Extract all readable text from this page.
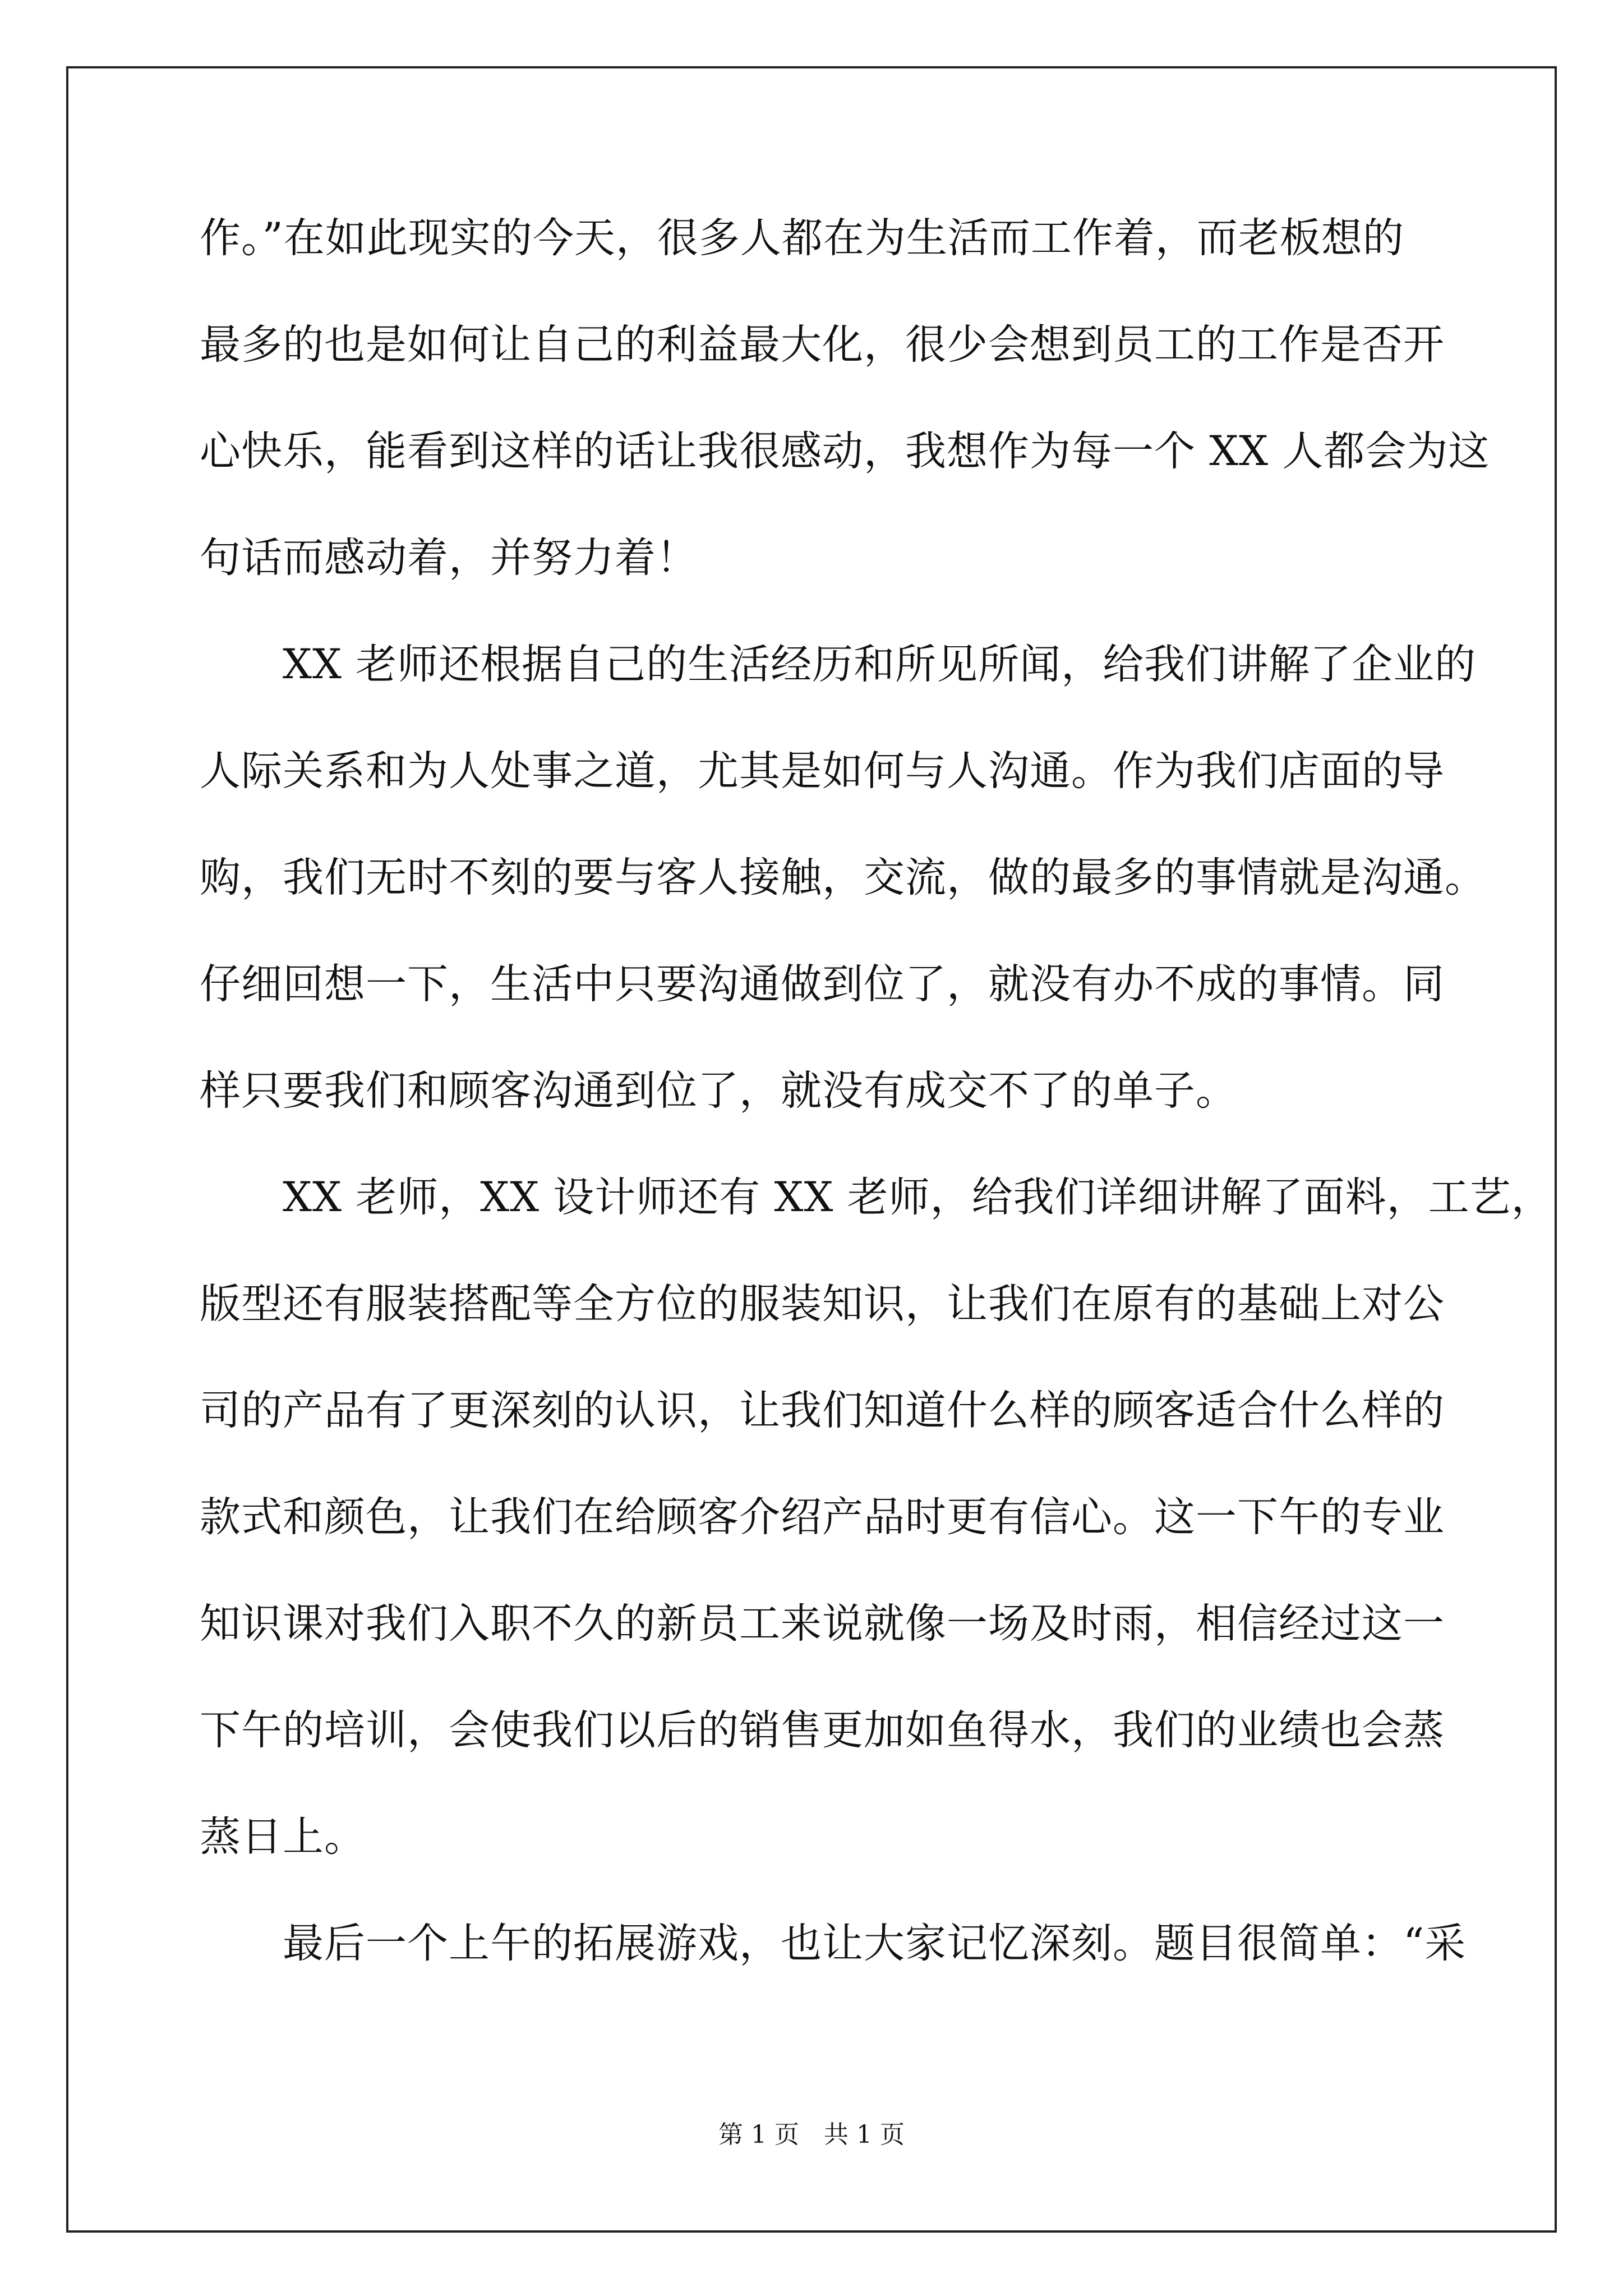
作。”在如此现实的今天，很多人都在为生活而工作着，而老板想的
最多的也是如何让自己的利益最大化，很少会想到员工的工作是否开
心快乐，能看到这样的话让我很感动，我想作为每一个 XX 人都会为这
句话而感动着，并努力着！
　　XX 老师还根据自己的生活经历和所见所闻，给我们讲解了企业的
人际关系和为人处事之道，尤其是如何与人沟通。作为我们店面的导
购，我们无时不刻的要与客人接触，交流，做的最多的事情就是沟通。
仔细回想一下，生活中只要沟通做到位了，就没有办不成的事情。同
样只要我们和顾客沟通到位了，就没有成交不了的单子。
　　XX 老师，XX 设计师还有 XX 老师，给我们详细讲解了面料，工艺，
版型还有服装搭配等全方位的服装知识，让我们在原有的基础上对公
司的产品有了更深刻的认识，让我们知道什么样的顾客适合什么样的
款式和颜色，让我们在给顾客介绍产品时更有信心。这一下午的专业
知识课对我们入职不久的新员工来说就像一场及时雨，相信经过这一
下午的培训，会使我们以后的销售更加如鱼得水，我们的业绩也会蒸
蒸日上。
　　最后一个上午的拓展游戏，也让大家记忆深刻。题目很简单：“采
第 1 页　共 1 页
